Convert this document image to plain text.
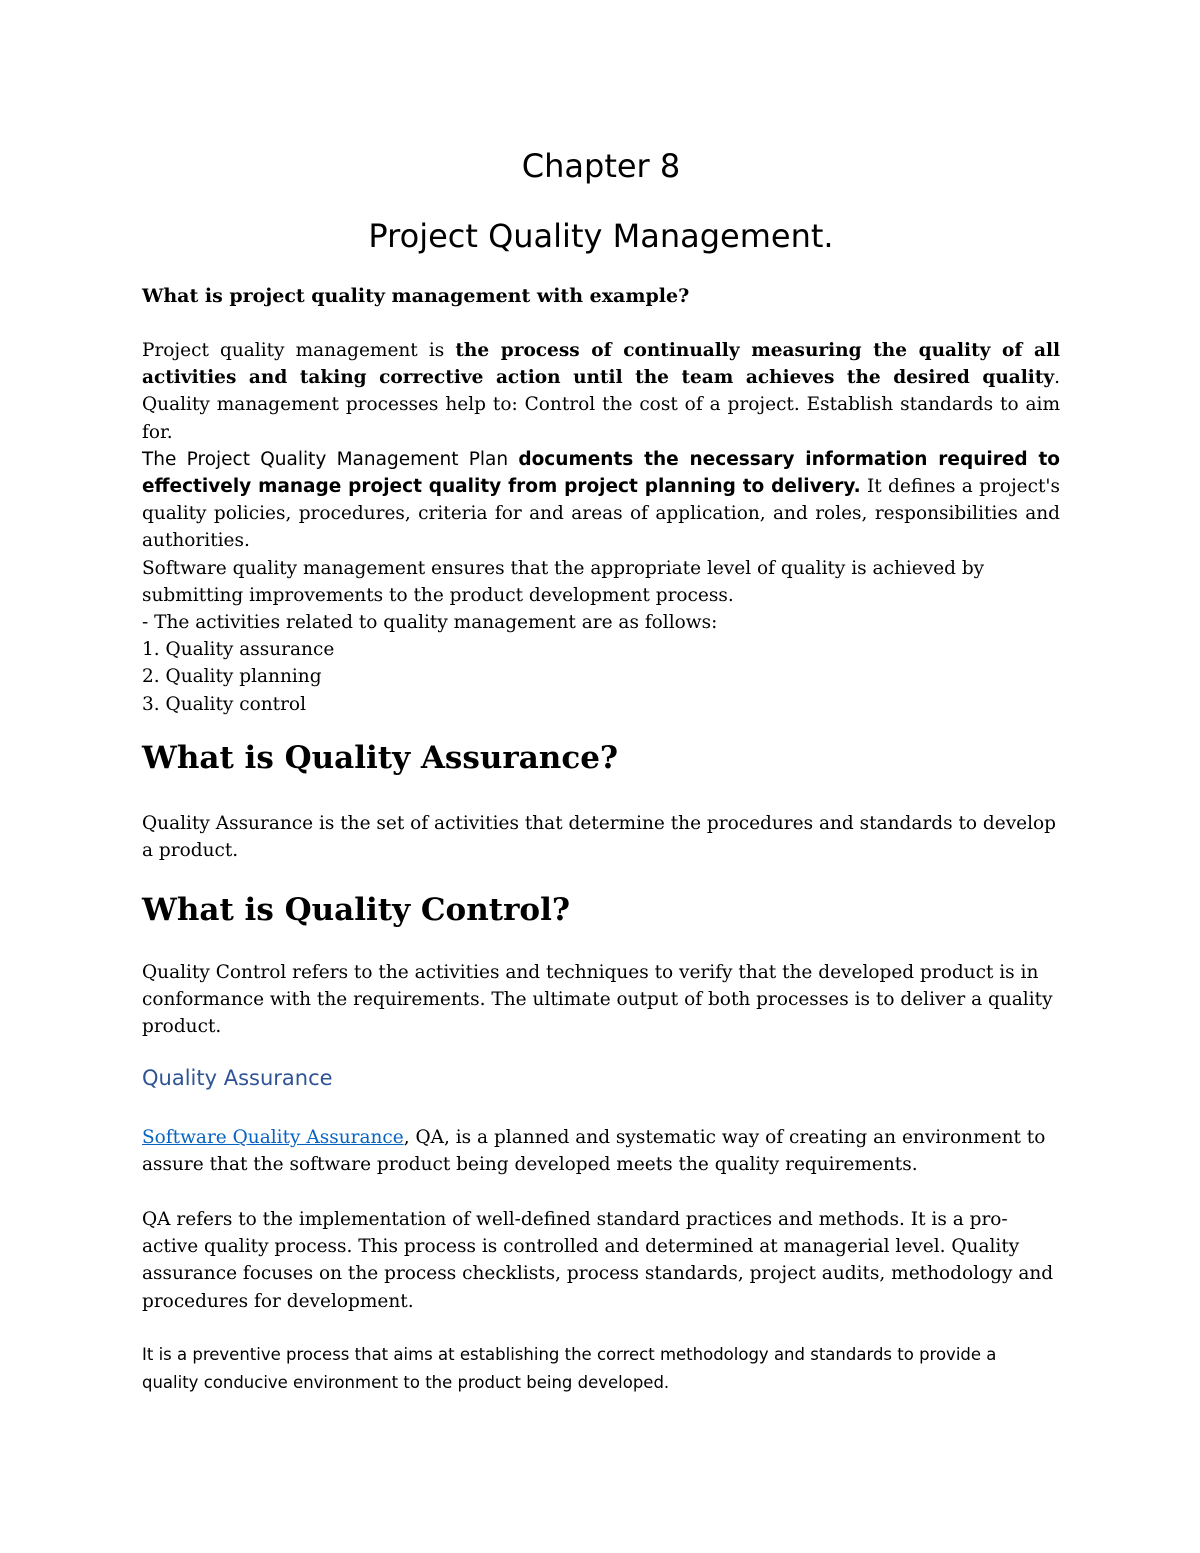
Chapter 8
Project Quality Management.
What is project quality management with example?

Project quality management is the process of continually measuring the quality of all activities and taking corrective action until the team achieves the desired quality. Quality management processes help to: Control the cost of a project. Establish standards to aim for.

The Project Quality Management Plan documents the necessary information required to effectively manage project quality from project planning to delivery. It defines a project's quality policies, procedures, criteria for and areas of application, and roles, responsibilities and authorities.

Software quality management ensures that the appropriate level of quality is achieved by
submitting improvements to the product development process.
- The activities related to quality management are as follows:
1. Quality assurance
2. Quality planning
3. Quality control
What is Quality Assurance?
Quality Assurance is the set of activities that determine the procedures and standards to develop
a product.
What is Quality Control?
Quality Control refers to the activities and techniques to verify that the developed product is in
conformance with the requirements. The ultimate output of both processes is to deliver a quality
product.
Quality Assurance
Software Quality Assurance, QA, is a planned and systematic way of creating an environment to
assure that the software product being developed meets the quality requirements.
QA refers to the implementation of well-defined standard practices and methods. It is a pro-
active quality process. This process is controlled and determined at managerial level. Quality
assurance focuses on the process checklists, process standards, project audits, methodology and
procedures for development.
It is a preventive process that aims at establishing the correct methodology and standards to provide a
quality conducive environment to the product being developed.
